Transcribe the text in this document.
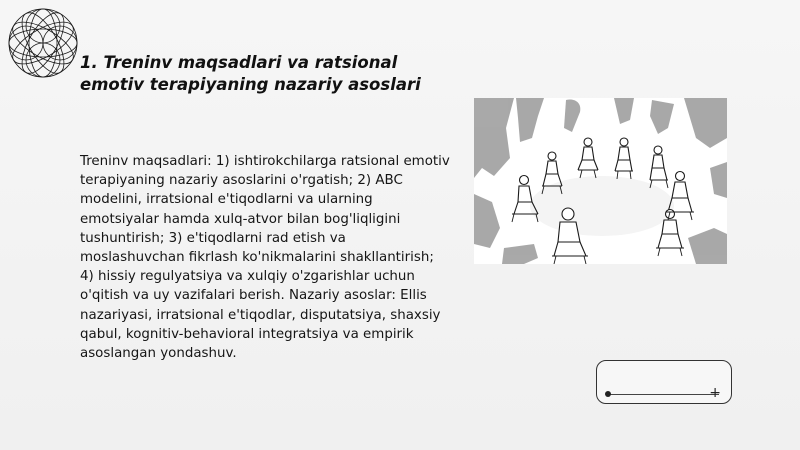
1. Treninv maqsadlari va ratsional emotiv terapiyaning nazariy asoslari
Treninv maqsadlari: 1) ishtirokchilarga ratsional emotiv terapiyaning nazariy asoslarini o'rgatish; 2) ABC modelini, irratsional e'tiqodlarni va ularning emotsiyalar hamda xulq-atvor bilan bog'liqligini tushuntirish; 3) e'tiqodlarni rad etish va moslashuvchan fikrlash ko'nikmalarini shakllantirish; 4) hissiy regulyatsiya va xulqiy o'zgarishlar uchun o'qitish va uy vazifalari berish. Nazariy asoslar: Ellis nazariyasi, irratsional e'tiqodlar, disputatsiya, shaxsiy qabul, kognitiv-behavioral integratsiya va empirik asoslangan yondashuv.
+
